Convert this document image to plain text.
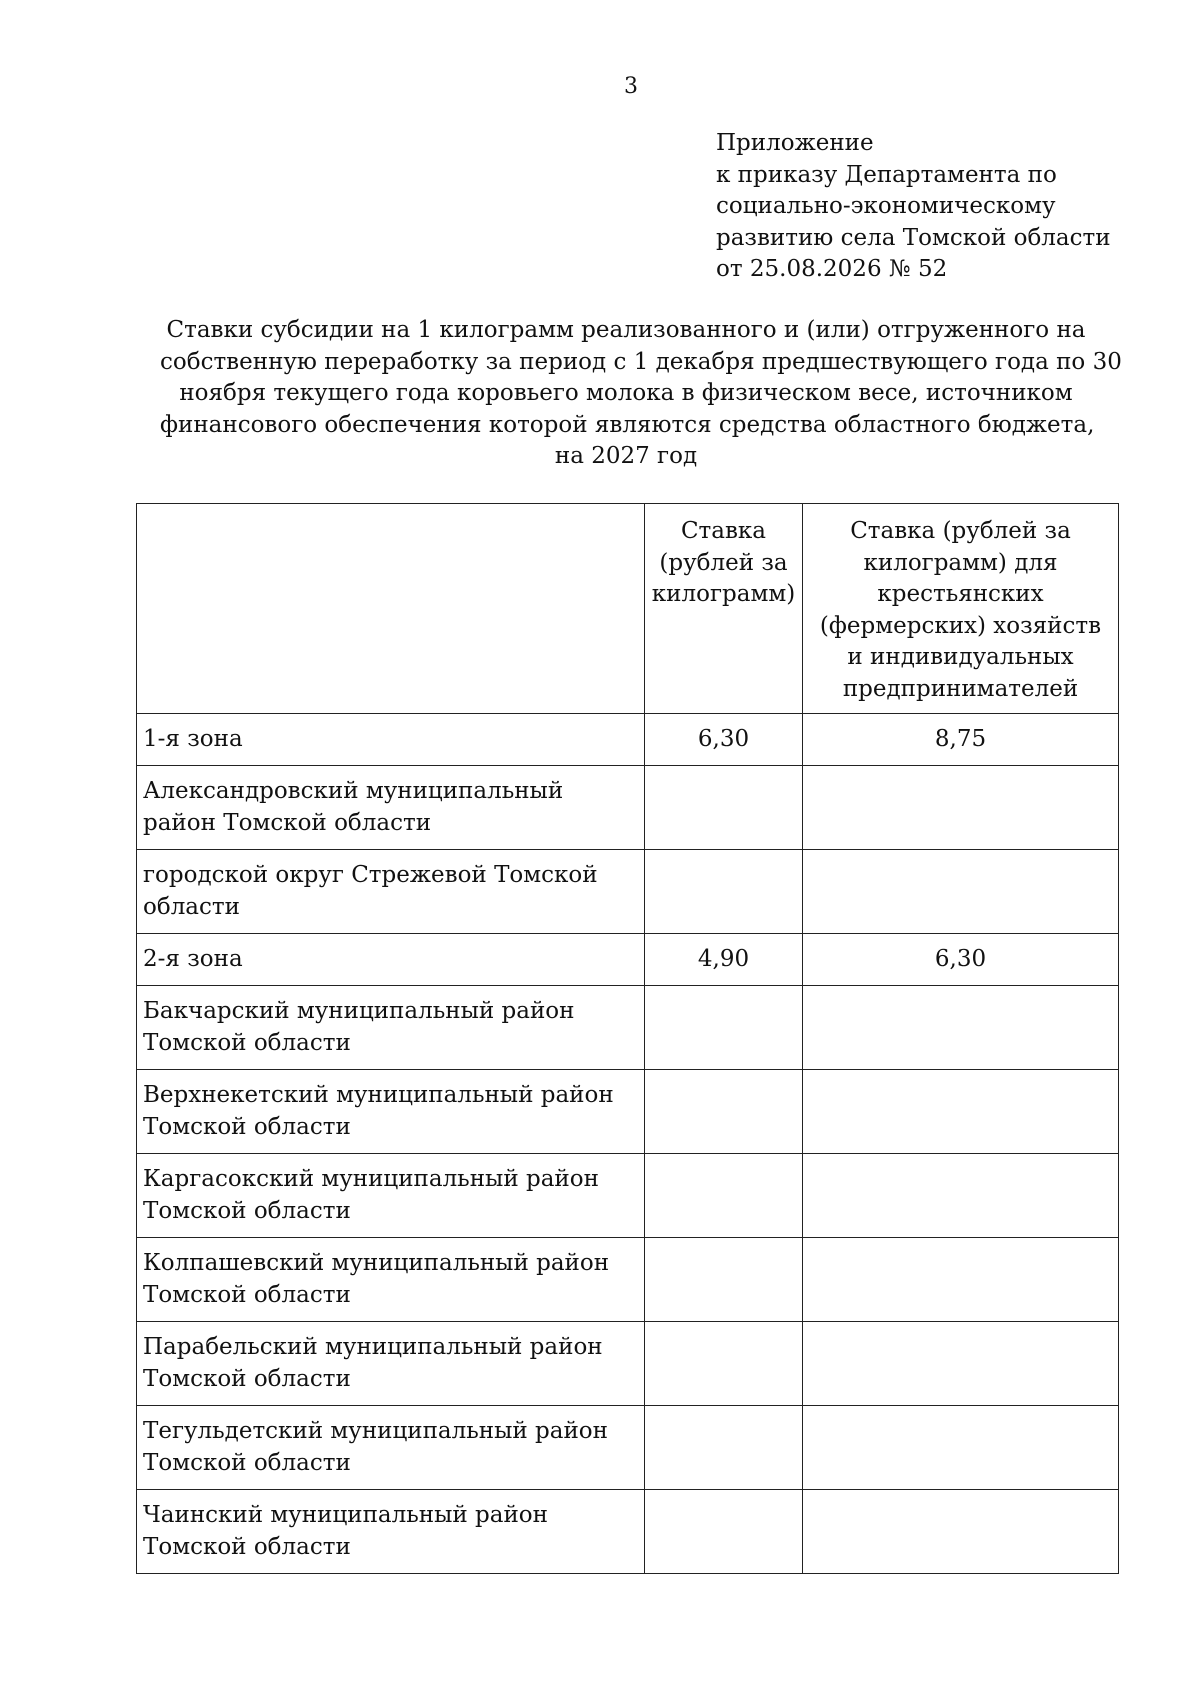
3
Приложение
к приказу Департамента по
социально-экономическому
развитию села Томской области
от 25.08.2026 № 52
Ставки субсидии на 1 килограмм реализованного и (или) отгруженного на
собственную переработку за период с 1 декабря предшествующего года по 30
ноября текущего года коровьего молока в физическом весе, источником
финансового обеспечения которой являются средства областного бюджета,
на 2027 год
	Ставка (рублей за килограмм)	Ставка (рублей за килограмм) для крестьянских (фермерских) хозяйств и индивидуальных предпринимателей
1-я зона	6,30	8,75
Александровский муниципальный район Томской области		
городской округ Стрежевой Томской области		
2-я зона	4,90	6,30
Бакчарский муниципальный район Томской области		
Верхнекетский муниципальный район Томской области		
Каргасокский муниципальный район Томской области		
Колпашевский муниципальный район Томской области		
Парабельский муниципальный район Томской области		
Тегульдетский муниципальный район Томской области		
Чаинский муниципальный район Томской области		
